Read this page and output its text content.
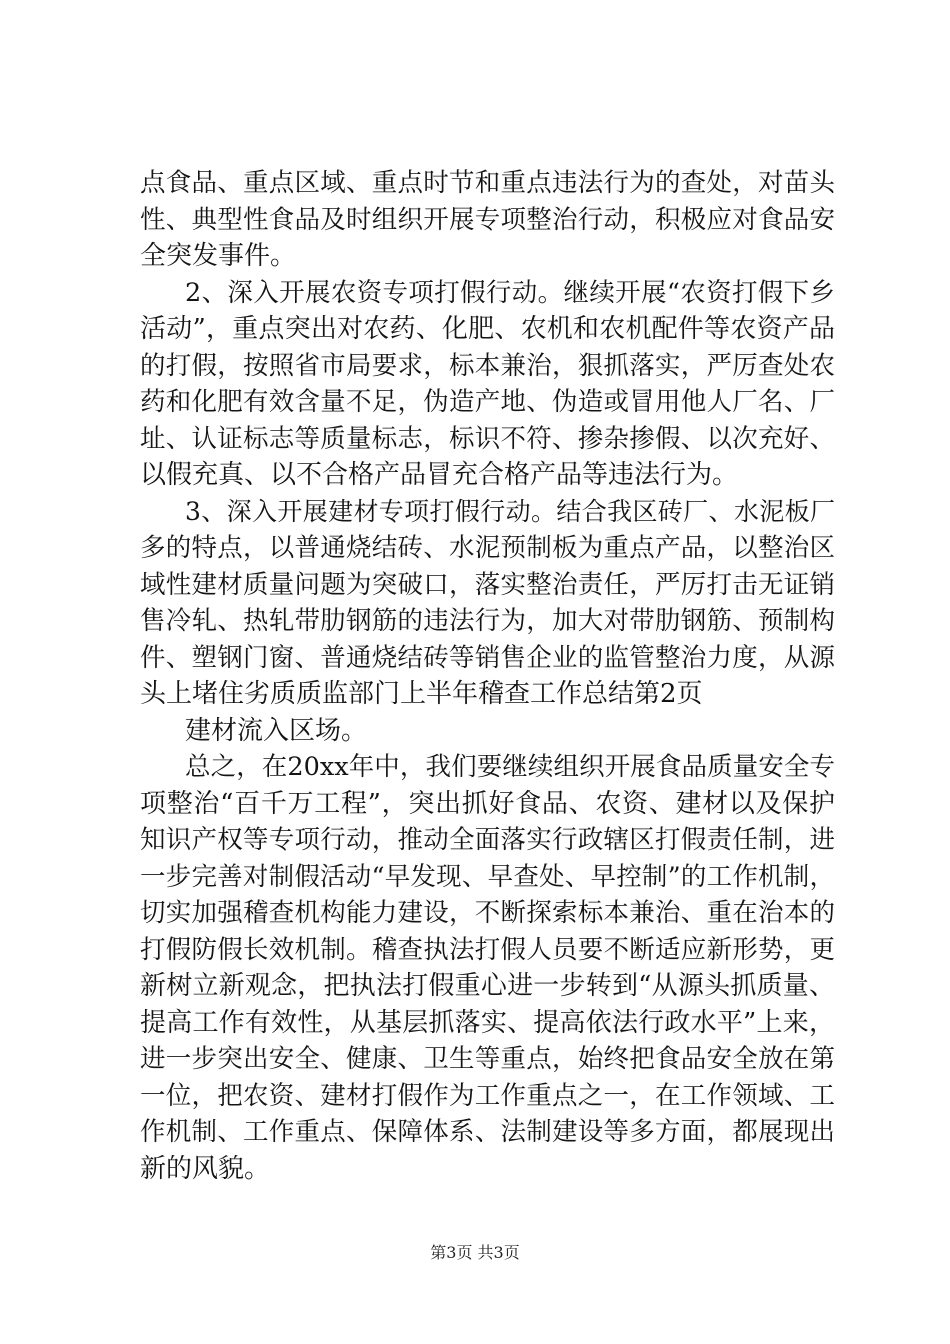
点食品、重点区域、重点时节和重点违法行为的查处，对苗头
性、典型性食品及时组织开展专项整治行动，积极应对食品安
全突发事件。
2、深入开展农资专项打假行动。继续开展“农资打假下乡
活动”，重点突出对农药、化肥、农机和农机配件等农资产品
的打假，按照省市局要求，标本兼治，狠抓落实，严厉查处农
药和化肥有效含量不足，伪造产地、伪造或冒用他人厂名、厂
址、认证标志等质量标志，标识不符、掺杂掺假、以次充好、
以假充真、以不合格产品冒充合格产品等违法行为。
3、深入开展建材专项打假行动。结合我区砖厂、水泥板厂
多的特点，以普通烧结砖、水泥预制板为重点产品，以整治区
域性建材质量问题为突破口，落实整治责任，严厉打击无证销
售冷轧、热轧带肋钢筋的违法行为，加大对带肋钢筋、预制构
件、塑钢门窗、普通烧结砖等销售企业的监管整治力度，从源
头上堵住劣质质监部门上半年稽查工作总结第2页
建材流入区场。
总之，在20xx年中，我们要继续组织开展食品质量安全专
项整治“百千万工程”，突出抓好食品、农资、建材以及保护
知识产权等专项行动，推动全面落实行政辖区打假责任制，进
一步完善对制假活动“早发现、早查处、早控制”的工作机制，
切实加强稽查机构能力建设，不断探索标本兼治、重在治本的
打假防假长效机制。稽查执法打假人员要不断适应新形势，更
新树立新观念，把执法打假重心进一步转到“从源头抓质量、
提高工作有效性，从基层抓落实、提高依法行政水平”上来，
进一步突出安全、健康、卫生等重点，始终把食品安全放在第
一位，把农资、建材打假作为工作重点之一，在工作领域、工
作机制、工作重点、保障体系、法制建设等多方面，都展现出
新的风貌。
第3页 共3页
